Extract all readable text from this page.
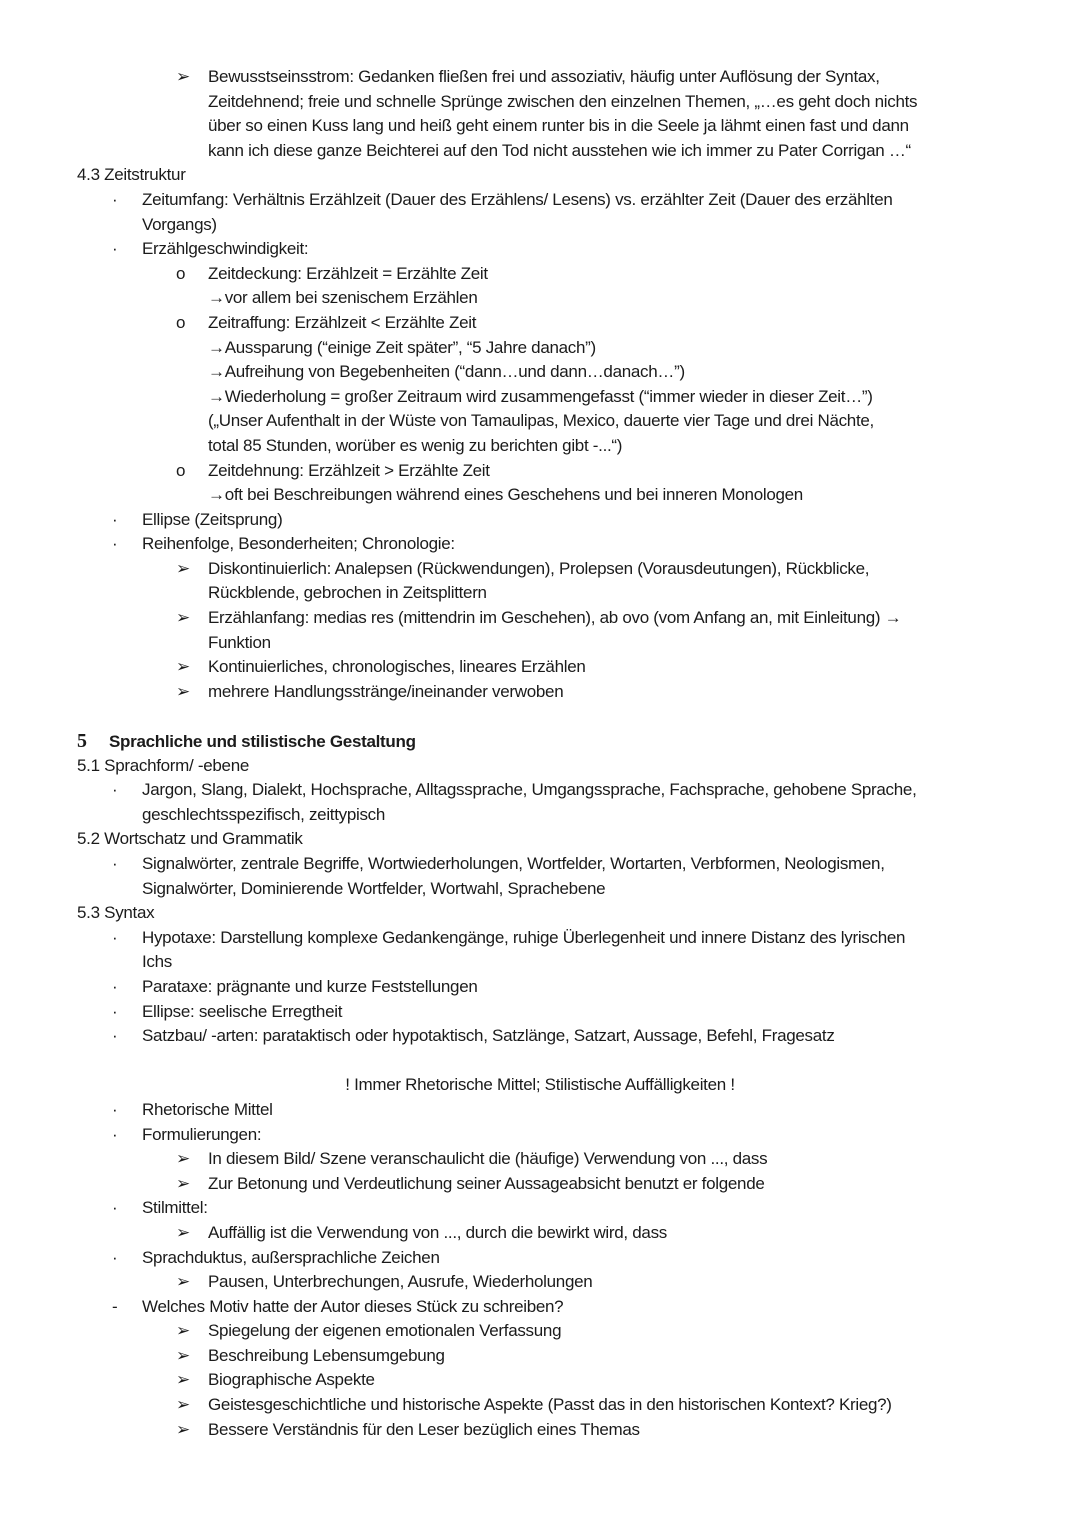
➢	Bewusstseinsstrom: Gedanken fließen frei und assoziativ, häufig unter Auflösung der Syntax,
Zeitdehnend; freie und schnelle Sprünge zwischen den einzelnen Themen, „…es geht doch nichts
über so einen Kuss lang und heiß geht einem runter bis in die Seele ja lähmt einen fast und dann
kann ich diese ganze Beichterei auf den Tod nicht ausstehen wie ich immer zu Pater Corrigan …“
4.3 Zeitstruktur
·	Zeitumfang: Verhältnis Erzählzeit (Dauer des Erzählens/ Lesens) vs. erzählter Zeit (Dauer des erzählten
Vorgangs)
·	Erzählgeschwindigkeit:
o	Zeitdeckung: Erzählzeit = Erzählte Zeit
→vor allem bei szenischem Erzählen
o	Zeitraffung: Erzählzeit < Erzählte Zeit
→Aussparung (“einige Zeit später”, “5 Jahre danach”)
→Aufreihung von Begebenheiten (“dann…und dann…danach…”)
→Wiederholung = großer Zeitraum wird zusammengefasst (“immer wieder in dieser Zeit…”)
(„Unser Aufenthalt in der Wüste von Tamaulipas, Mexico, dauerte vier Tage und drei Nächte,
total 85 Stunden, worüber es wenig zu berichten gibt -...“)
o	Zeitdehnung: Erzählzeit > Erzählte Zeit
→oft bei Beschreibungen während eines Geschehens und bei inneren Monologen
·	Ellipse (Zeitsprung)
·	Reihenfolge, Besonderheiten; Chronologie:
➢	Diskontinuierlich: Analepsen (Rückwendungen), Prolepsen (Vorausdeutungen), Rückblicke,
Rückblende, gebrochen in Zeitsplittern
➢	Erzählanfang: medias res (mittendrin im Geschehen), ab ovo (vom Anfang an, mit Einleitung) →
Funktion
➢	Kontinuierliches, chronologisches, lineares Erzählen
➢	mehrere Handlungsstränge/ineinander verwoben
5 Sprachliche und stilistische Gestaltung
5.1 Sprachform/ -ebene
·	Jargon, Slang, Dialekt, Hochsprache, Alltagssprache, Umgangssprache, Fachsprache, gehobene Sprache,
geschlechtsspezifisch, zeittypisch
5.2 Wortschatz und Grammatik
·	Signalwörter, zentrale Begriffe, Wortwiederholungen, Wortfelder, Wortarten, Verbformen, Neologismen,
Signalwörter, Dominierende Wortfelder, Wortwahl, Sprachebene
5.3 Syntax
·	Hypotaxe: Darstellung komplexe Gedankengänge, ruhige Überlegenheit und innere Distanz des lyrischen
Ichs
·	Parataxe: prägnante und kurze Feststellungen
·	Ellipse: seelische Erregtheit
·	Satzbau/ -arten: parataktisch oder hypotaktisch, Satzlänge, Satzart, Aussage, Befehl, Fragesatz
! Immer Rhetorische Mittel; Stilistische Auffälligkeiten !
·	Rhetorische Mittel
·	Formulierungen:
➢	In diesem Bild/ Szene veranschaulicht die (häufige) Verwendung von ..., dass
➢	Zur Betonung und Verdeutlichung seiner Aussageabsicht benutzt er folgende
·	Stilmittel:
➢	Auffällig ist die Verwendung von ..., durch die bewirkt wird, dass
·	Sprachduktus, außersprachliche Zeichen
➢	Pausen, Unterbrechungen, Ausrufe, Wiederholungen
-	Welches Motiv hatte der Autor dieses Stück zu schreiben?
➢	Spiegelung der eigenen emotionalen Verfassung
➢	Beschreibung Lebensumgebung
➢	Biographische Aspekte
➢	Geistesgeschichtliche und historische Aspekte (Passt das in den historischen Kontext? Krieg?)
➢	Bessere Verständnis für den Leser bezüglich eines Themas
